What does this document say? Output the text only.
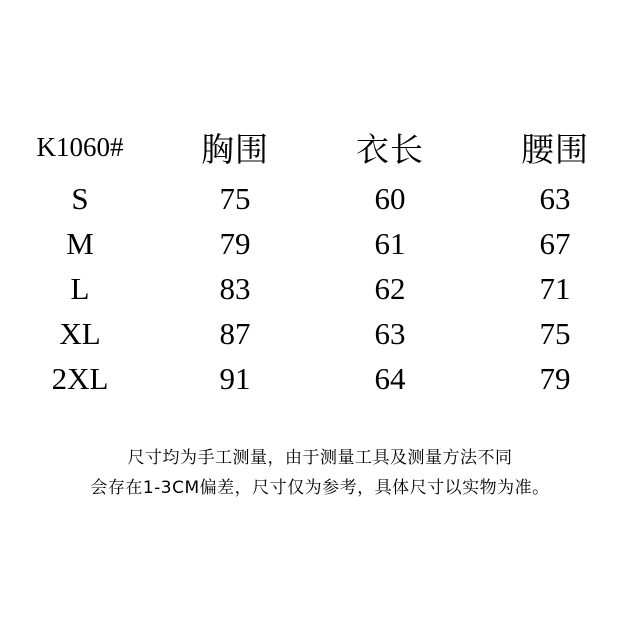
K1060#	胸围	衣长	腰围
S	75	60	63
M	79	61	67
L	83	62	71
XL	87	63	75
2XL	91	64	79
尺寸均为手工测量，由于测量工具及测量方法不同
会存在1-3CM偏差，尺寸仅为参考，具体尺寸以实物为准。
